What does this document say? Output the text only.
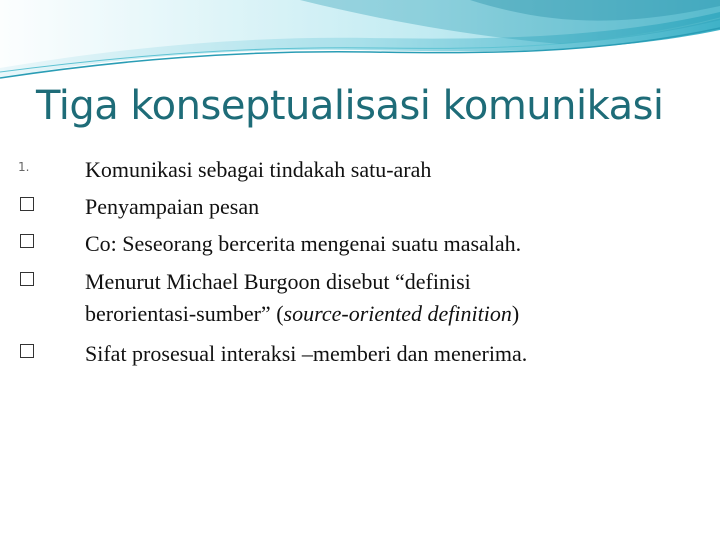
Tiga konseptualisasi komunikasi
1.	Komunikasi sebagai tindakah satu-arah
Penyampaian pesan
Co: Seseorang bercerita mengenai suatu masalah.
Menurut Michael Burgoon disebut “definisi
berorientasi-sumber” (source-oriented definition)
Sifat prosesual interaksi –memberi dan menerima.
